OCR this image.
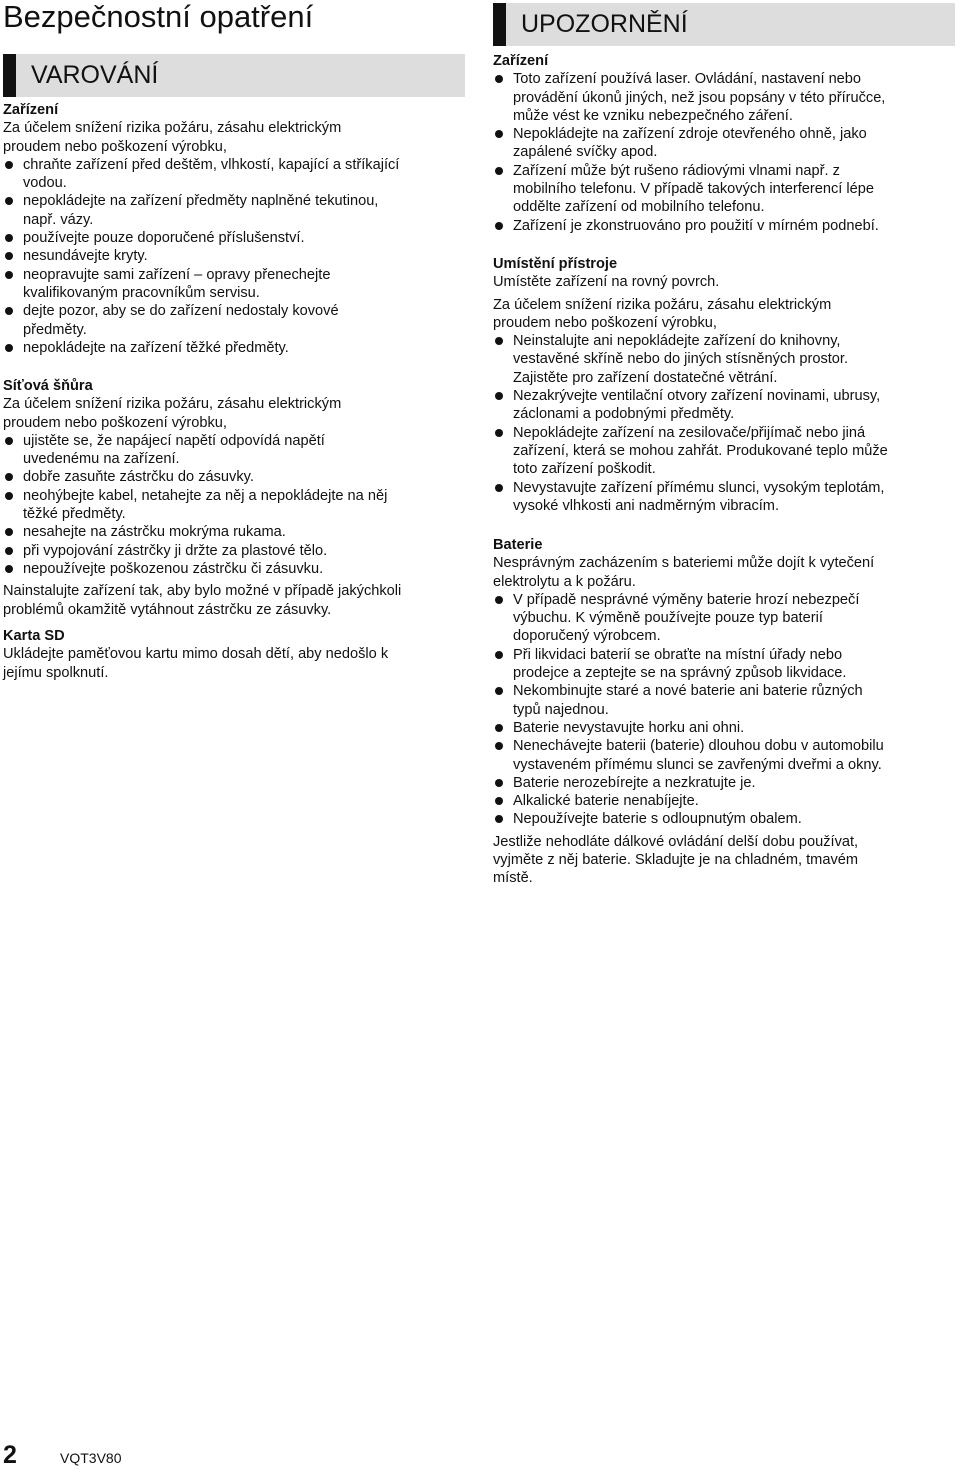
Bezpečnostní opatření
VAROVÁNÍ
Zařízení
Za účelem snížení rizika požáru, zásahu elektrickým
proudem nebo poškození výrobku,
chraňte zařízení před deštěm, vlhkostí, kapající a stříkající
vodou.
nepokládejte na zařízení předměty naplněné tekutinou,
např. vázy.
používejte pouze doporučené příslušenství.
nesundávejte kryty.
neopravujte sami zařízení – opravy přenechejte
kvalifikovaným pracovníkům servisu.
dejte pozor, aby se do zařízení nedostaly kovové
předměty.
nepokládejte na zařízení těžké předměty.
Síťová šňůra
Za účelem snížení rizika požáru, zásahu elektrickým
proudem nebo poškození výrobku,
ujistěte se, že napájecí napětí odpovídá napětí
uvedenému na zařízení.
dobře zasuňte zástrčku do zásuvky.
neohýbejte kabel, netahejte za něj a nepokládejte na něj
těžké předměty.
nesahejte na zástrčku mokrýma rukama.
při vypojování zástrčky ji držte za plastové tělo.
nepoužívejte poškozenou zástrčku či zásuvku.
Nainstalujte zařízení tak, aby bylo možné v případě jakýchkoli
problémů okamžitě vytáhnout zástrčku ze zásuvky.
Karta SD
Ukládejte paměťovou kartu mimo dosah dětí, aby nedošlo k
jejímu spolknutí.
UPOZORNĚNÍ
Zařízení
Toto zařízení používá laser. Ovládání, nastavení nebo
provádění úkonů jiných, než jsou popsány v této příručce,
může vést ke vzniku nebezpečného záření.
Nepokládejte na zařízení zdroje otevřeného ohně, jako
zapálené svíčky apod.
Zařízení může být rušeno rádiovými vlnami např. z
mobilního telefonu. V případě takových interferencí lépe
oddělte zařízení od mobilního telefonu.
Zařízení je zkonstruováno pro použití v mírném podnebí.
Umístění přístroje
Umístěte zařízení na rovný povrch.
Za účelem snížení rizika požáru, zásahu elektrickým
proudem nebo poškození výrobku,
Neinstalujte ani nepokládejte zařízení do knihovny,
vestavěné skříně nebo do jiných stísněných prostor.
Zajistěte pro zařízení dostatečné větrání.
Nezakrývejte ventilační otvory zařízení novinami, ubrusy,
záclonami a podobnými předměty.
Nepokládejte zařízení na zesilovače/přijímač nebo jiná
zařízení, která se mohou zahřát. Produkované teplo může
toto zařízení poškodit.
Nevystavujte zařízení přímému slunci, vysokým teplotám,
vysoké vlhkosti ani nadměrným vibracím.
Baterie
Nesprávným zacházením s bateriemi může dojít k vytečení
elektrolytu a k požáru.
V případě nesprávné výměny baterie hrozí nebezpečí
výbuchu. K výměně používejte pouze typ baterií
doporučený výrobcem.
Při likvidaci baterií se obraťte na místní úřady nebo
prodejce a zeptejte se na správný způsob likvidace.
Nekombinujte staré a nové baterie ani baterie různých
typů najednou.
Baterie nevystavujte horku ani ohni.
Nenechávejte baterii (baterie) dlouhou dobu v automobilu
vystaveném přímému slunci se zavřenými dveřmi a okny.
Baterie nerozebírejte a nezkratujte je.
Alkalické baterie nenabíjejte.
Nepoužívejte baterie s odloupnutým obalem.
Jestliže nehodláte dálkové ovládání delší dobu používat,
vyjměte z něj baterie. Skladujte je na chladném, tmavém
místě.
2	VQT3V80
